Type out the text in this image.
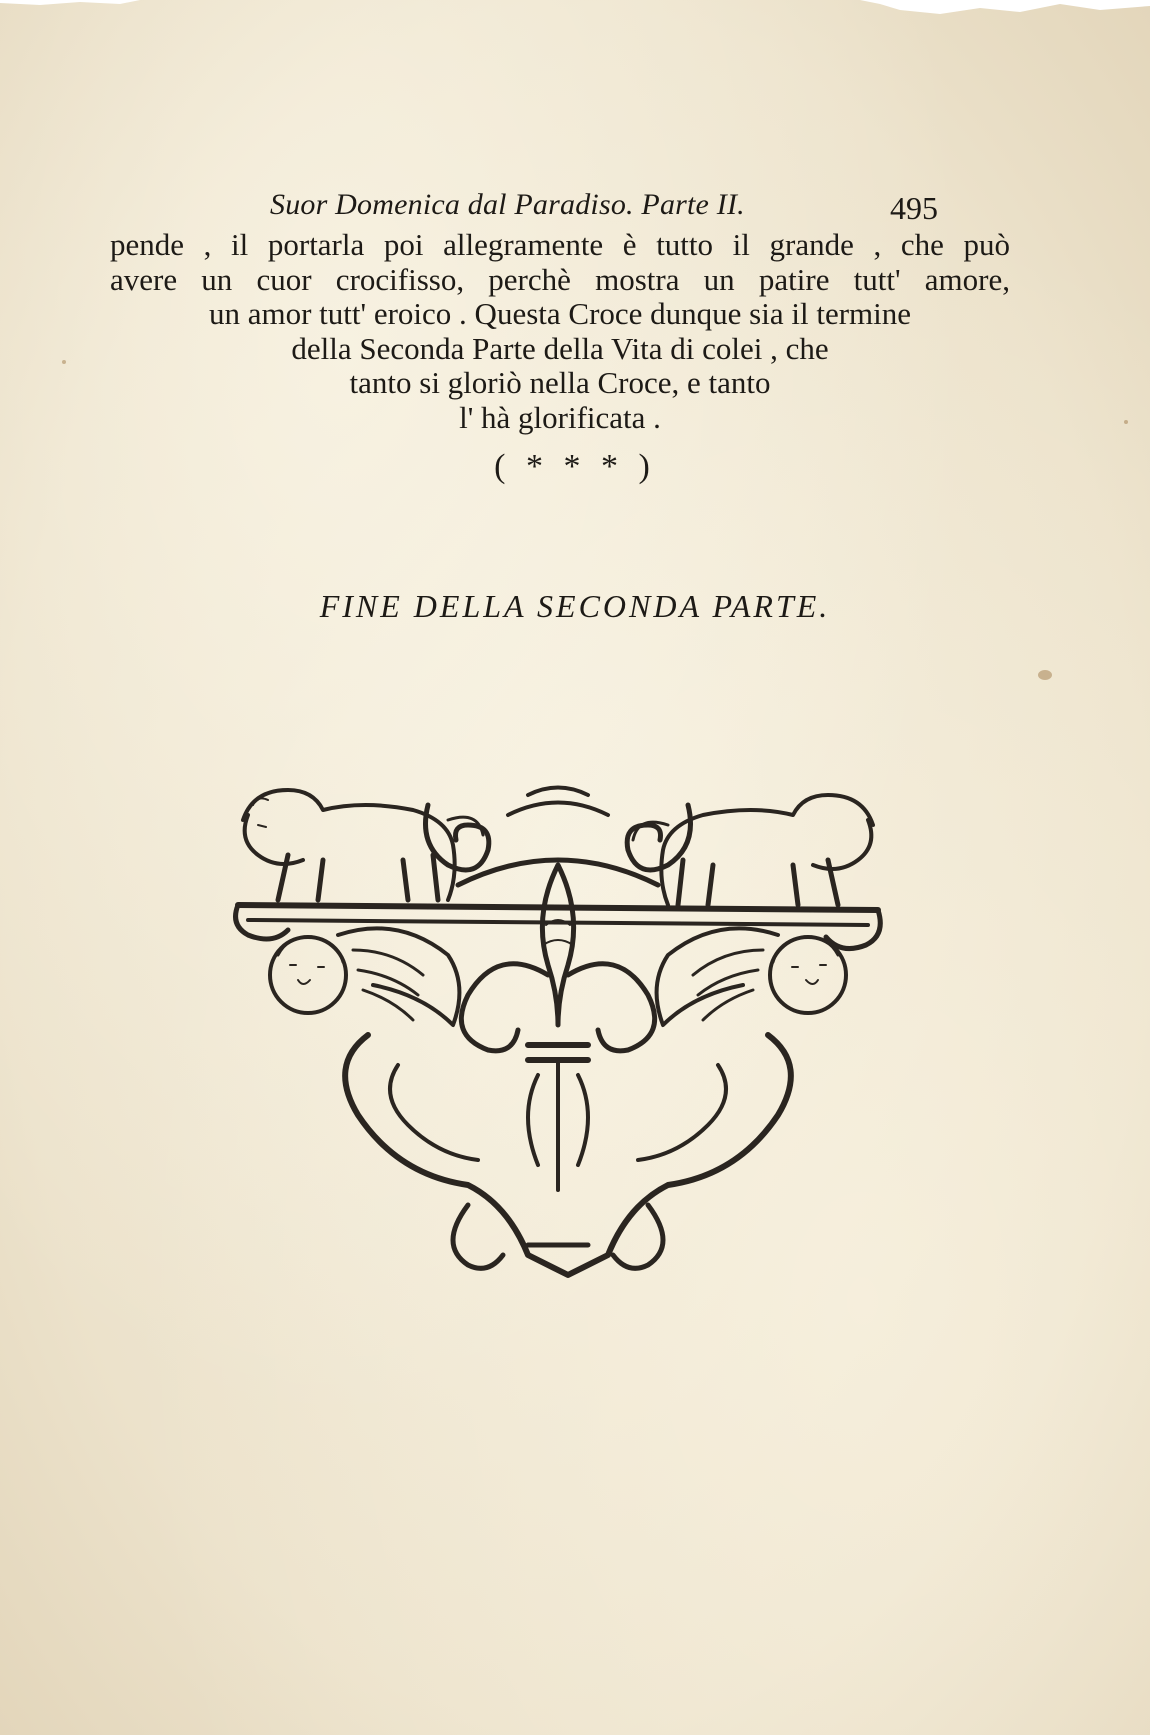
Suor Domenica dal Paradiso. Parte II.	495
pende , il portarla poi allegramente è tutto il grande , che può
avere un cuor crocifisso, perchè mostra un patire tutt' amore,
un amor tutt' eroico . Questa Croce dunque sia il termine
della Seconda Parte della Vita di colei , che
tanto si gloriò nella Croce, e tanto
l' hà glorificata .
( * * * )
FINE DELLA SECONDA PARTE.
